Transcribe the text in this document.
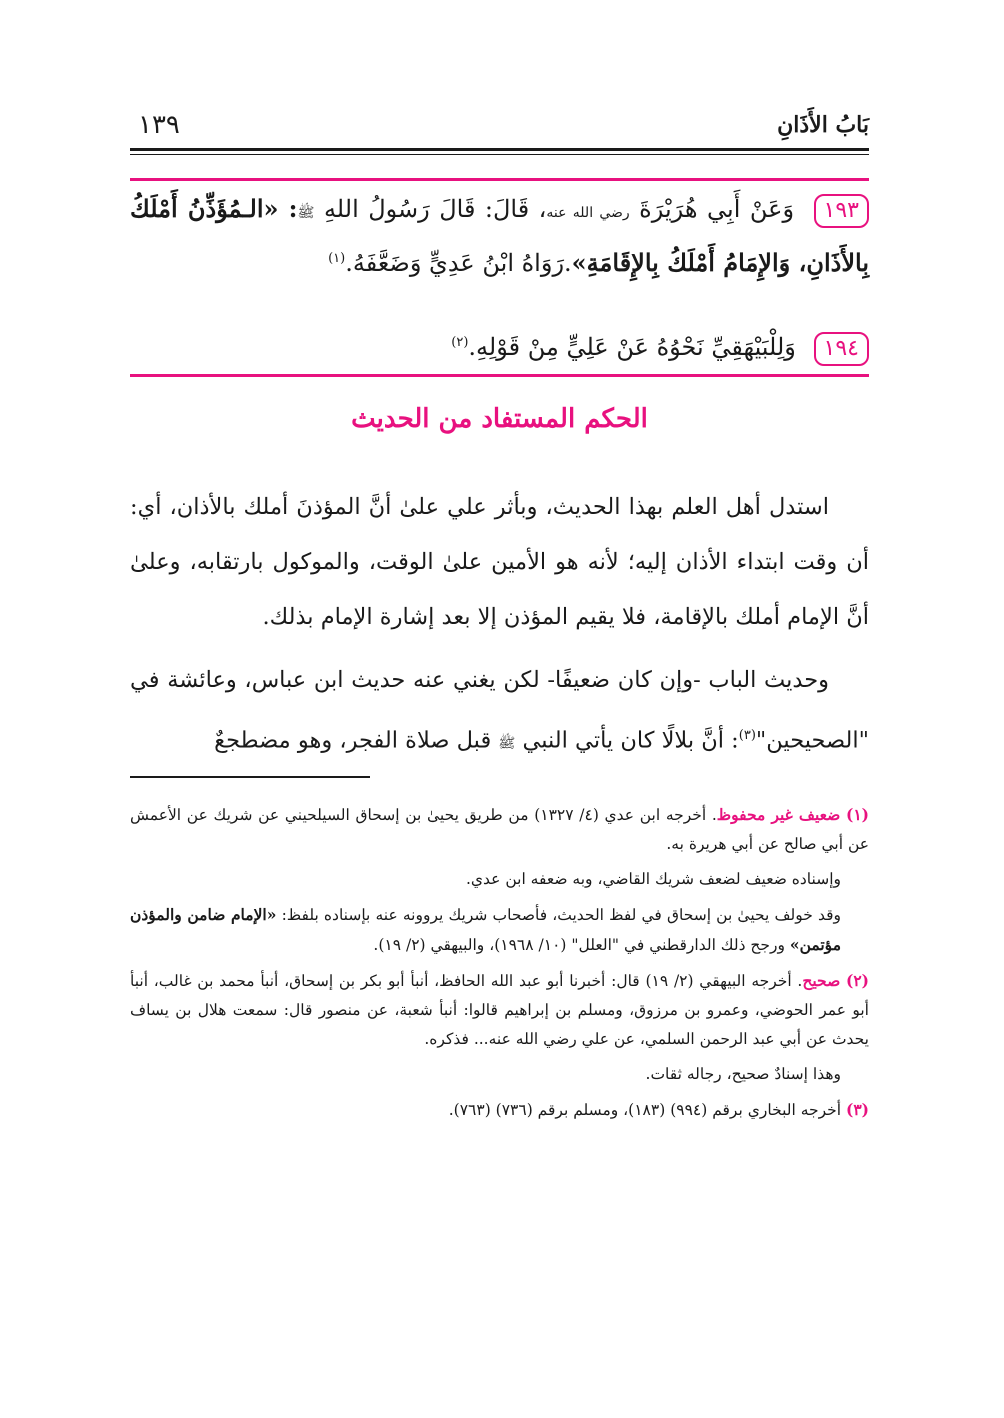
بَابُ الأَذَانِ
١٣٩
١٩٣ وَعَنْ أَبِي هُرَيْرَةَ رضي الله عنه، قَالَ: قَالَ رَسُولُ اللهِ ﷺ: «الـمُؤَذِّنُ أَمْلَكُ بِالأَذَانِ، وَالإِمَامُ أَمْلَكُ بِالإِقَامَةِ».رَوَاهُ ابْنُ عَدِيٍّ وَضَعَّفَهُ.$^{(١)}$
١٩٤ وَلِلْبَيْهَقِيِّ نَحْوُهُ عَنْ عَلِيٍّ مِنْ قَوْلِهِ.$^{(٢)}$
الحكم المستفاد من الحديث

استدل أهل العلم بهذا الحديث، وبأثر علي علىٰ أنَّ المؤذنَ أملك بالأذان، أي: أن وقت ابتداء الأذان إليه؛ لأنه هو الأمين علىٰ الوقت، والموكول بارتقابه، وعلىٰ أنَّ الإمام أملك بالإقامة، فلا يقيم المؤذن إلا بعد إشارة الإمام بذلك.

وحديث الباب -وإن كان ضعيفًا- لكن يغني عنه حديث ابن عباس، وعائشة في "الصحيحين"$^{(٣)}$: أنَّ بلالًا كان يأتي النبي ﷺ قبل صلاة الفجر، وهو مضطجعٌ

(١) ضعيف غير محفوظ. أخرجه ابن عدي (٤/ ١٣٢٧) من طريق يحيىٰ بن إسحاق السيلحيني عن شريك عن الأعمش عن أبي صالح عن أبي هريرة به.

وإسناده ضعيف لضعف شريك القاضي، وبه ضعفه ابن عدي.

وقد خولف يحيىٰ بن إسحاق في لفظ الحديث، فأصحاب شريك يروونه عنه بإسناده بلفظ: «الإمام ضامن والمؤذن مؤتمن» ورجح ذلك الدارقطني في "العلل" (١٠/ ١٩٦٨)، والبيهقي (٢/ ١٩).

(٢) صحيح. أخرجه البيهقي (٢/ ١٩) قال: أخبرنا أبو عبد الله الحافظ، أنبأ أبو بكر بن إسحاق، أنبأ محمد بن غالب، أنبأ أبو عمر الحوضي، وعمرو بن مرزوق، ومسلم بن إبراهيم قالوا: أنبأ شعبة، عن منصور قال: سمعت هلال بن يساف يحدث عن أبي عبد الرحمن السلمي، عن علي رضي الله عنه... فذكره.

وهذا إسنادٌ صحيح، رجاله ثقات.

(٣) أخرجه البخاري برقم (٩٩٤) (١٨٣)، ومسلم برقم (٧٣٦) (٧٦٣).
